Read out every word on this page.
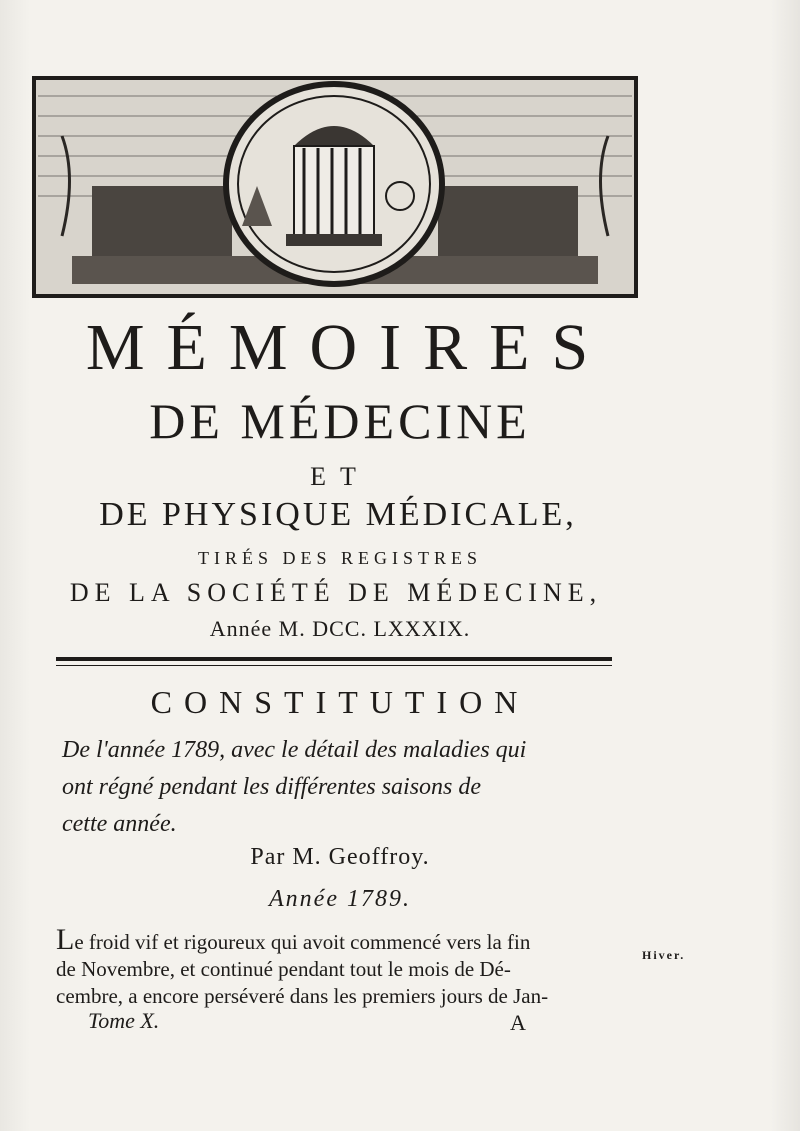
MÉMOIRES
DE MÉDECINE
ET
DE PHYSIQUE MÉDICALE,
TIRÉS DES REGISTRES
DE LA SOCIÉTÉ DE MÉDECINE,
Année M. DCC. LXXXIX.
CONSTITUTION
De l'année 1789, avec le détail des maladies qui
ont régné pendant les différentes saisons de
cette année.
Par M. Geoffroy.
Année 1789.
Le froid vif et rigoureux qui avoit commencé vers la fin
de Novembre, et continué pendant tout le mois de Dé-
cembre, a encore perséveré dans les premiers jours de Jan-
Hiver.
Tome X.	A
